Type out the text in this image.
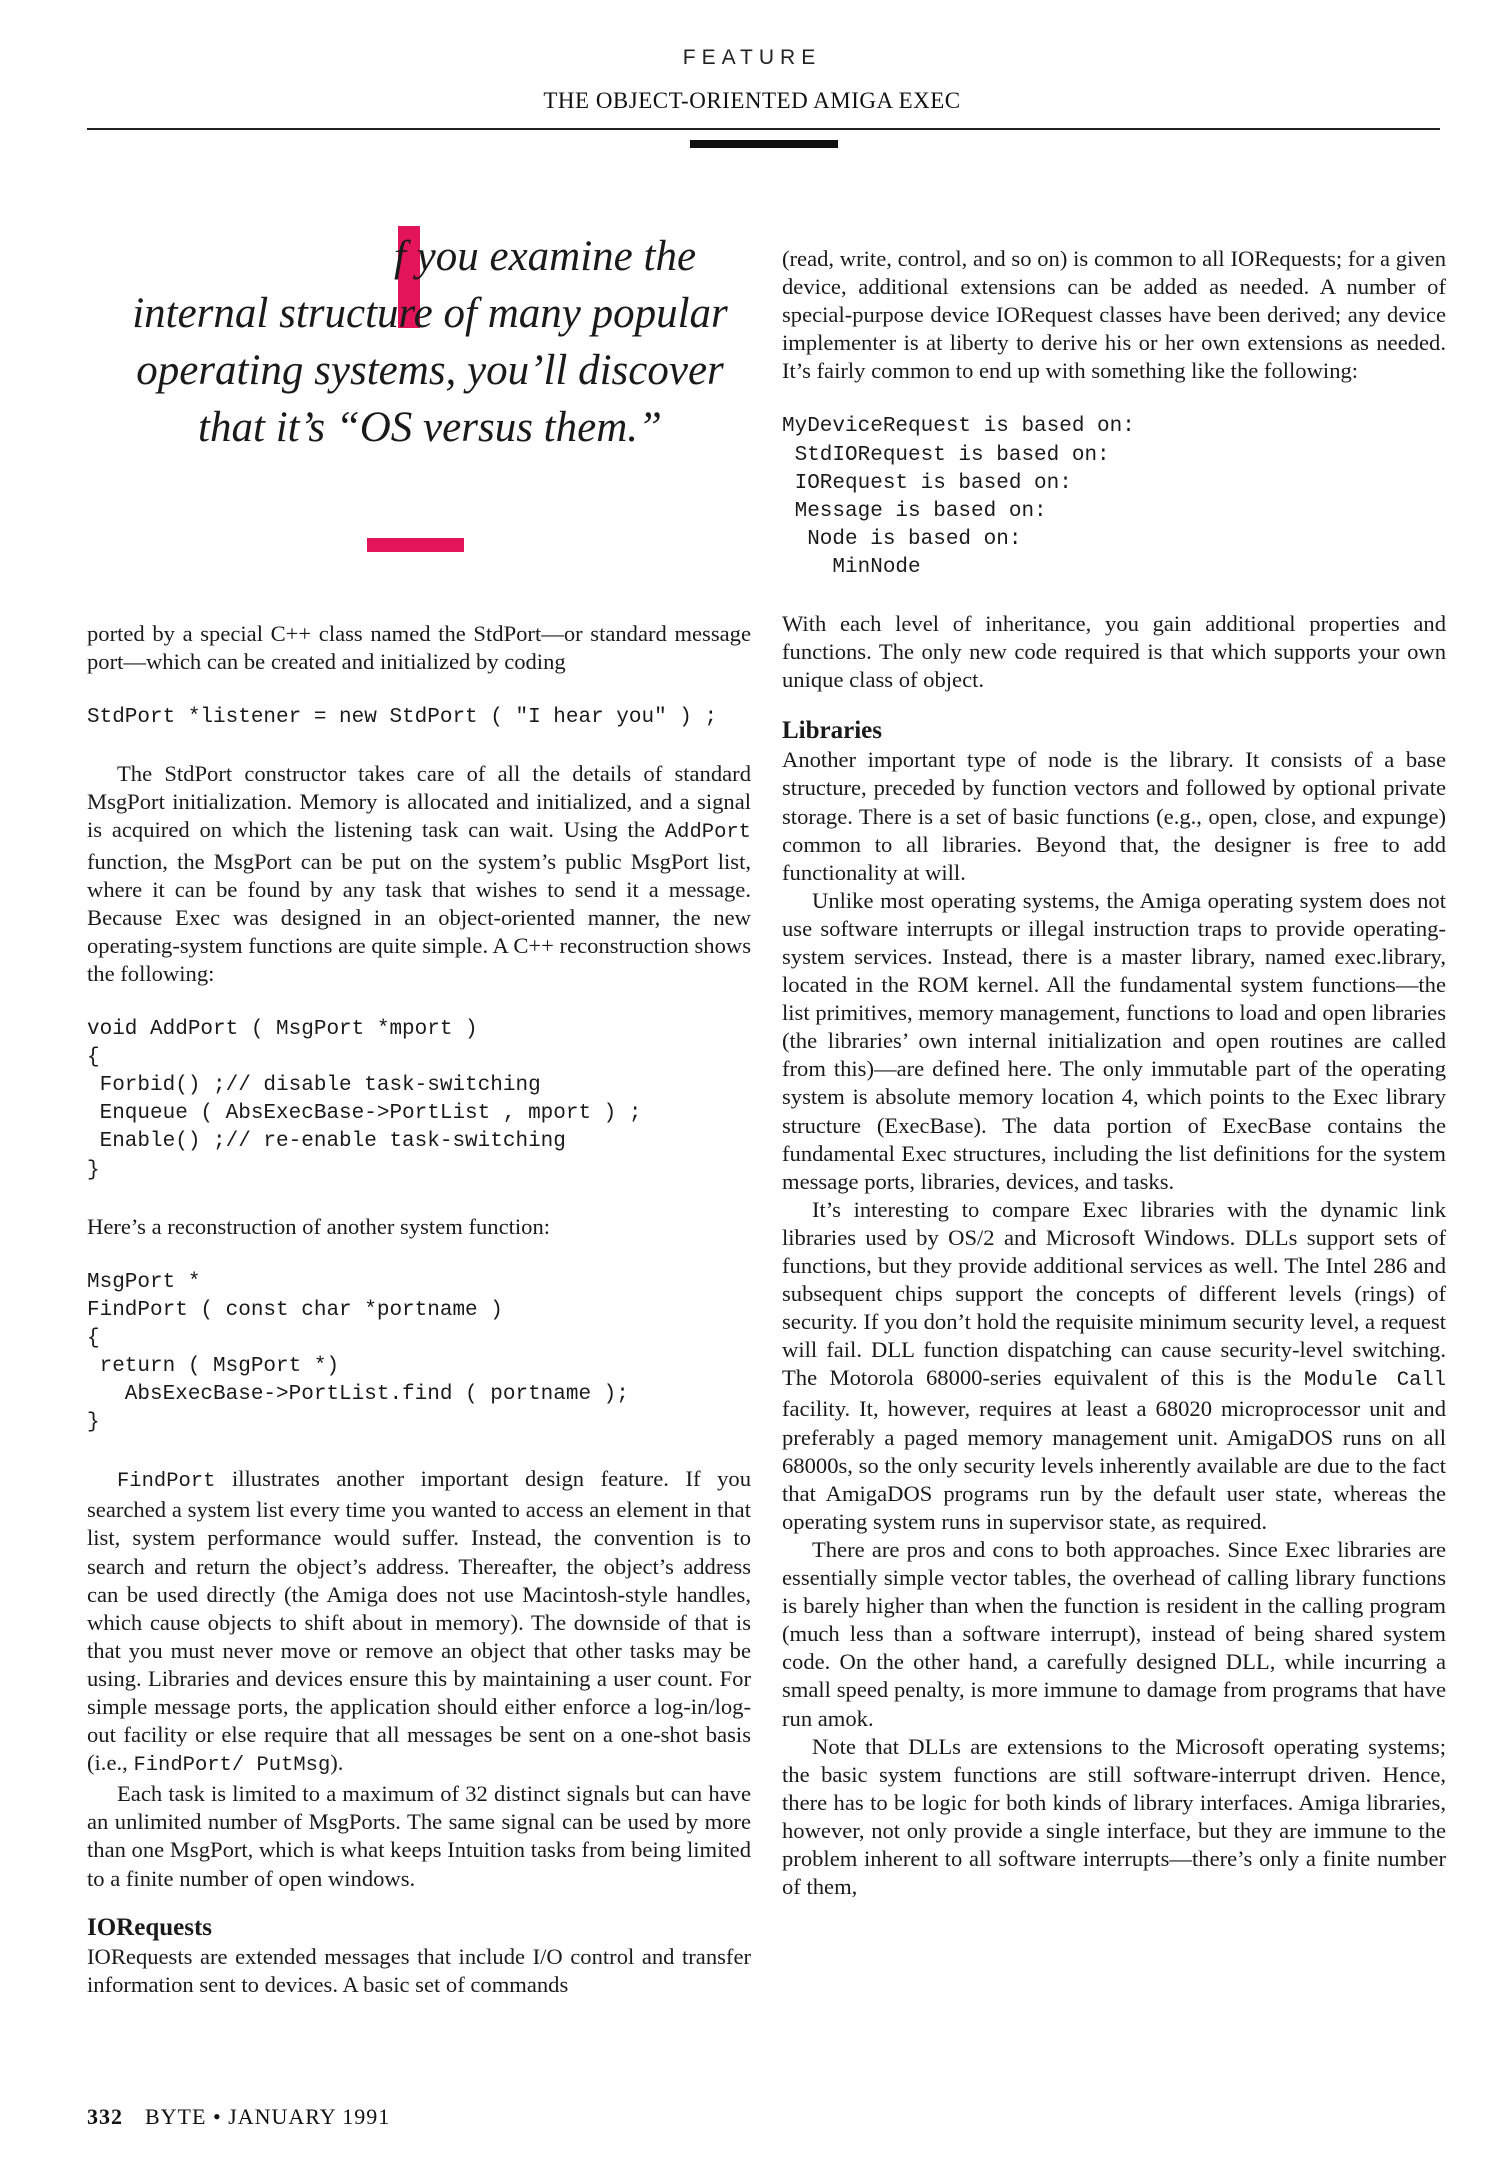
FEATURE
THE OBJECT-ORIENTED AMIGA EXEC
f you examine the
internal structure of many popular
operating systems, you’ll discover
that it’s “OS versus them.”

ported by a special C++ class named the StdPort—or standard message port—which can be created and initialized by coding

StdPort *listener = new StdPort ( "I hear you" ) ;

The StdPort constructor takes care of all the details of standard MsgPort initialization. Memory is allocated and initialized, and a signal is acquired on which the listening task can wait. Using the AddPort function, the MsgPort can be put on the system’s public MsgPort list, where it can be found by any task that wishes to send it a message. Because Exec was designed in an object-oriented manner, the new operating-system functions are quite simple. A C++ reconstruction shows the following:

void AddPort ( MsgPort *mport )
{
Forbid() ;// disable task-switching
Enqueue ( AbsExecBase->PortList , mport ) ;
Enable() ;// re-enable task-switching
}

Here’s a reconstruction of another system function:

MsgPort *
FindPort ( const char *portname )
{
return ( MsgPort *)
AbsExecBase->PortList.find ( portname );
}

FindPort illustrates another important design feature. If you searched a system list every time you wanted to access an element in that list, system performance would suffer. Instead, the convention is to search and return the object’s address. Thereafter, the object’s address can be used directly (the Amiga does not use Macintosh-style handles, which cause objects to shift about in memory). The downside of that is that you must never move or remove an object that other tasks may be using. Libraries and devices ensure this by maintaining a user count. For simple message ports, the application should either enforce a log-in/log-out facility or else require that all messages be sent on a one-shot basis (i.e., FindPort/ PutMsg).

Each task is limited to a maximum of 32 distinct signals but can have an unlimited number of MsgPorts. The same signal can be used by more than one MsgPort, which is what keeps Intuition tasks from being limited to a finite number of open windows.

IORequests

IORequests are extended messages that include I/O control and transfer information sent to devices. A basic set of commands

(read, write, control, and so on) is common to all IORequests; for a given device, additional extensions can be added as needed. A number of special-purpose device IORequest classes have been derived; any device implementer is at liberty to derive his or her own extensions as needed. It’s fairly common to end up with something like the following:

MyDeviceRequest is based on:
StdIORequest is based on:
IORequest is based on:
Message is based on:
Node is based on:
MinNode

With each level of inheritance, you gain additional properties and functions. The only new code required is that which supports your own unique class of object.

Libraries

Another important type of node is the library. It consists of a base structure, preceded by function vectors and followed by optional private storage. There is a set of basic functions (e.g., open, close, and expunge) common to all libraries. Beyond that, the designer is free to add functionality at will.

Unlike most operating systems, the Amiga operating system does not use software interrupts or illegal instruction traps to provide operating-system services. Instead, there is a master library, named exec.library, located in the ROM kernel. All the fundamental system functions—the list primitives, memory management, functions to load and open libraries (the libraries’ own internal initialization and open routines are called from this)—are defined here. The only immutable part of the operating system is absolute memory location 4, which points to the Exec library structure (ExecBase). The data portion of ExecBase contains the fundamental Exec structures, including the list definitions for the system message ports, libraries, devices, and tasks.

It’s interesting to compare Exec libraries with the dynamic link libraries used by OS/2 and Microsoft Windows. DLLs support sets of functions, but they provide additional services as well. The Intel 286 and subsequent chips support the concepts of different levels (rings) of security. If you don’t hold the requisite minimum security level, a request will fail. DLL function dispatching can cause security-level switching. The Motorola 68000-series equivalent of this is the Module Call facility. It, however, requires at least a 68020 microprocessor unit and preferably a paged memory management unit. AmigaDOS runs on all 68000s, so the only security levels inherently available are due to the fact that AmigaDOS programs run by the default user state, whereas the operating system runs in supervisor state, as required.

There are pros and cons to both approaches. Since Exec libraries are essentially simple vector tables, the overhead of calling library functions is barely higher than when the function is resident in the calling program (much less than a software interrupt), instead of being shared system code. On the other hand, a carefully designed DLL, while incurring a small speed penalty, is more immune to damage from programs that have run amok.

Note that DLLs are extensions to the Microsoft operating systems; the basic system functions are still software-interrupt driven. Hence, there has to be logic for both kinds of library interfaces. Amiga libraries, however, not only provide a single interface, but they are immune to the problem inherent to all software interrupts—there’s only a finite number of them,

332 BYTE • JANUARY 1991
